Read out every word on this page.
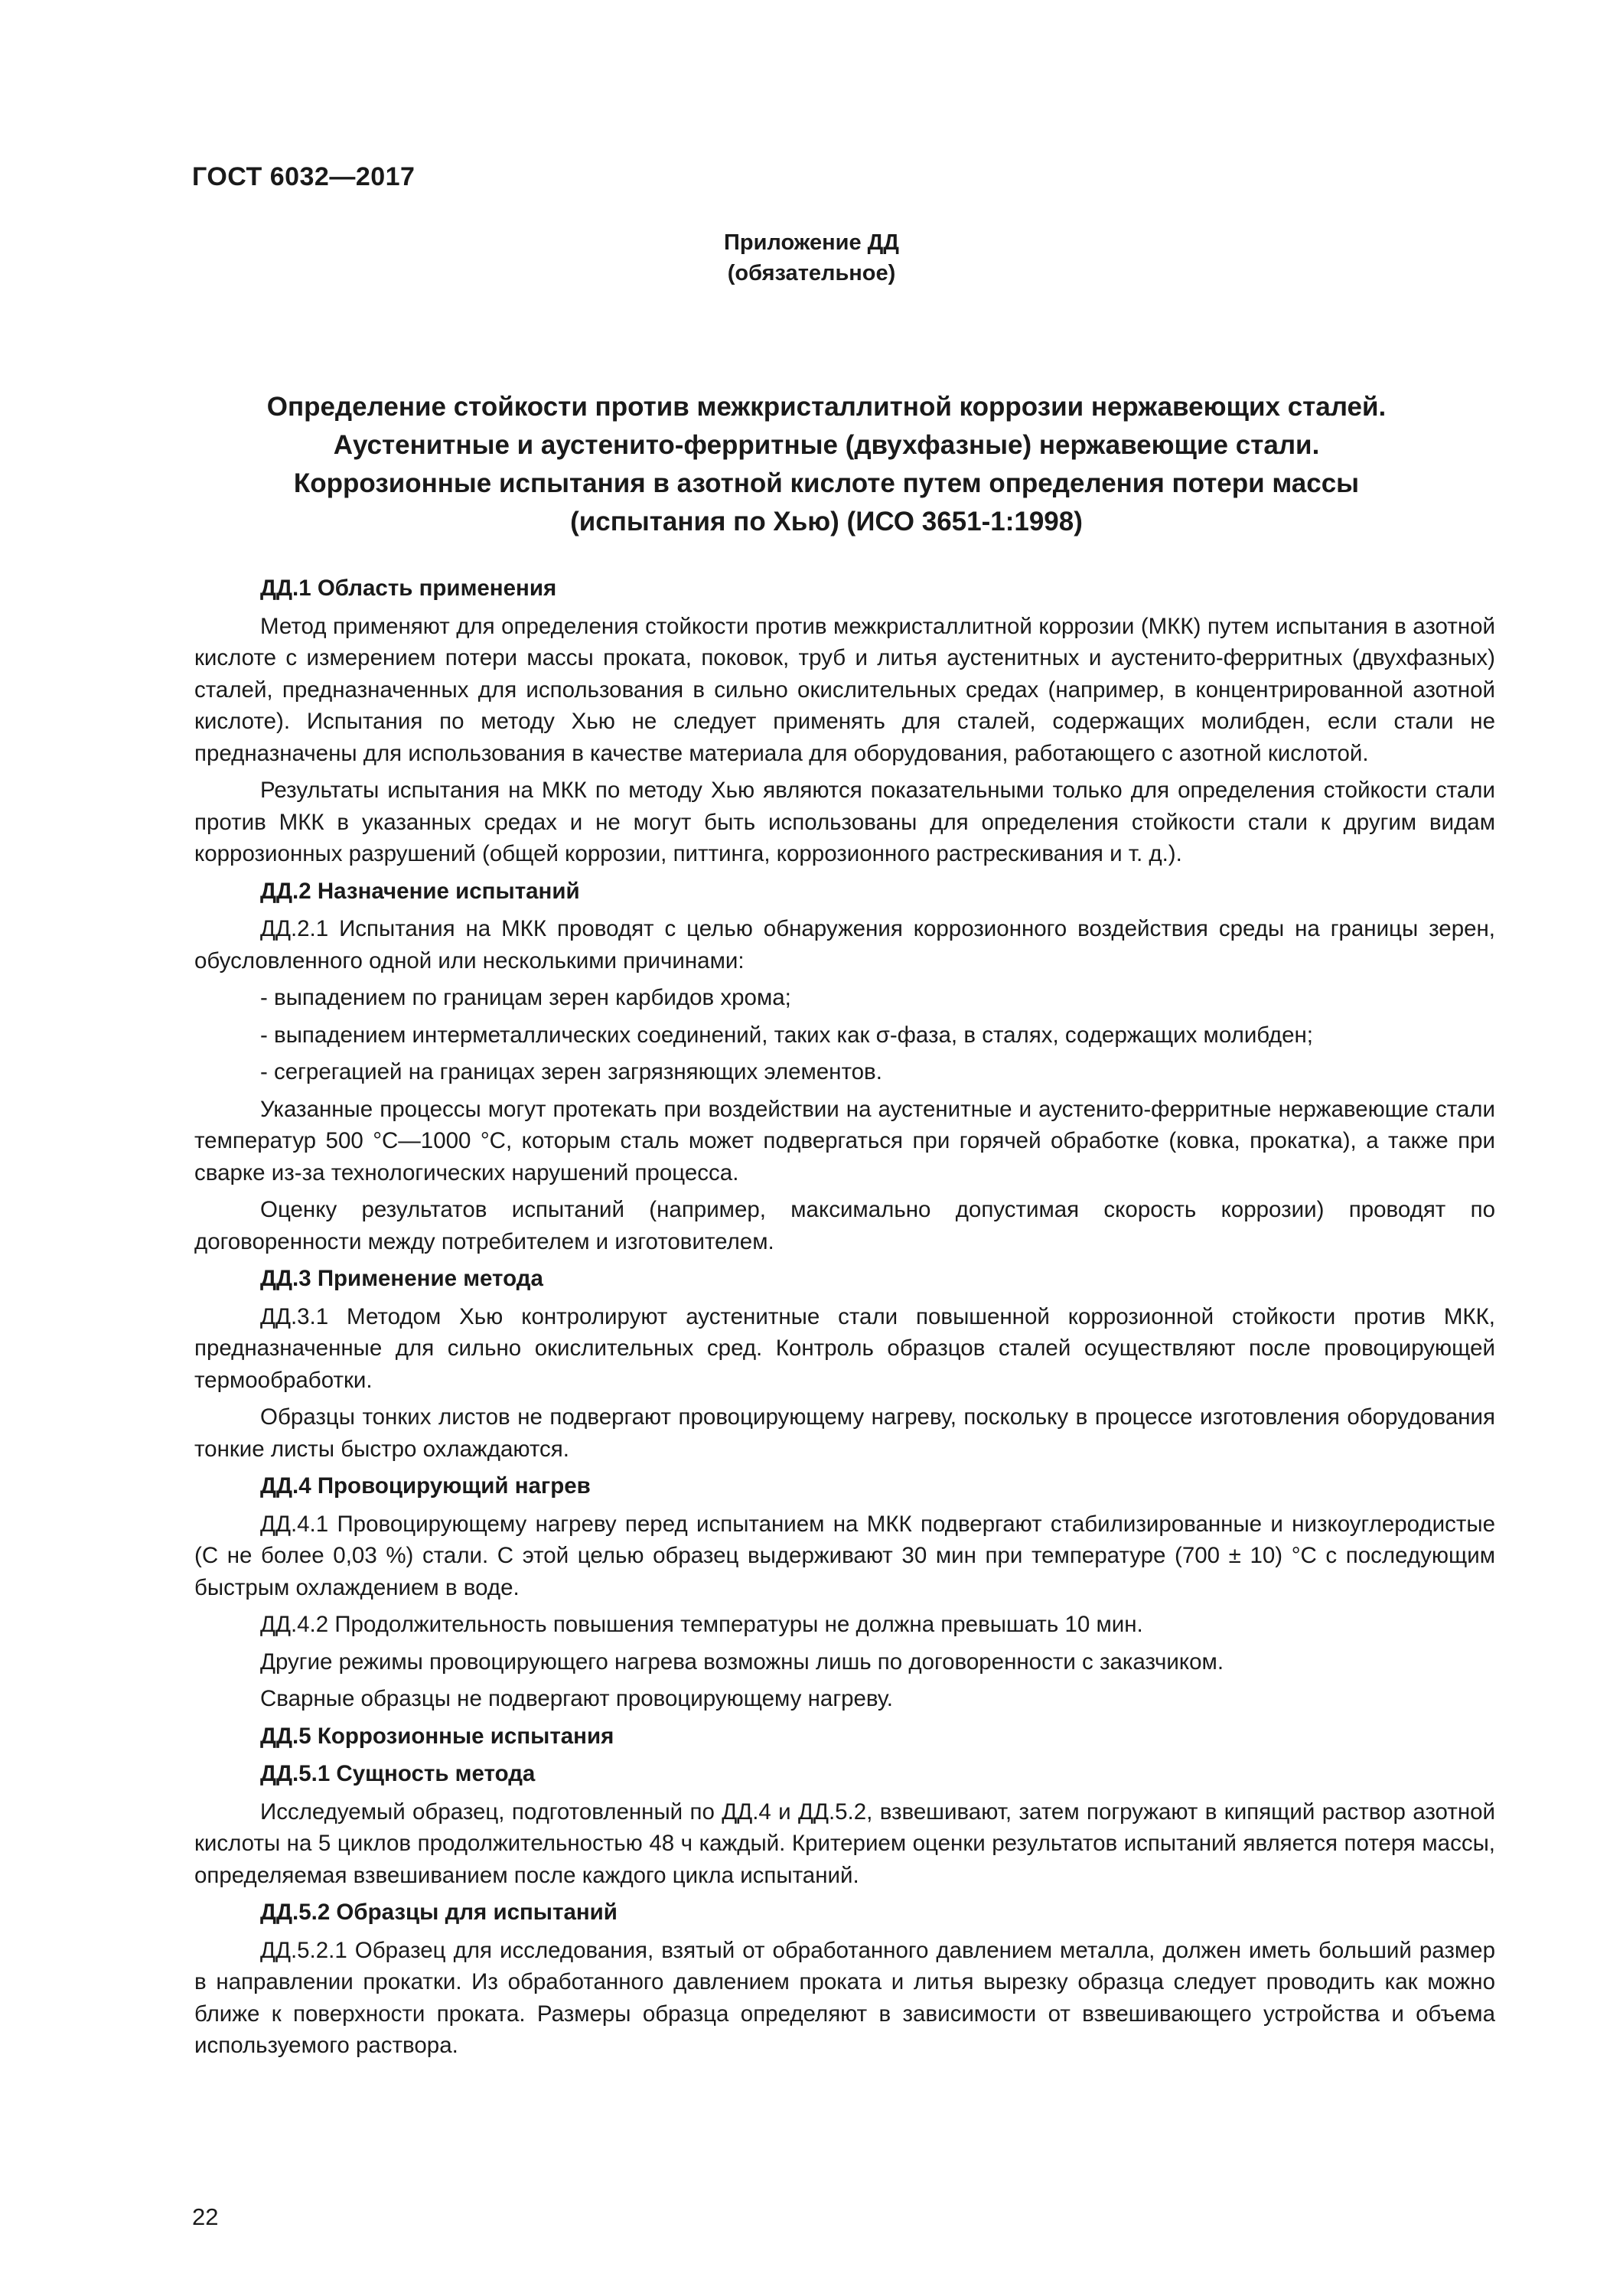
ГОСТ 6032—2017
Приложение ДД
(обязательное)
Определение стойкости против межкристаллитной коррозии нержавеющих сталей.
Аустенитные и аустенито-ферритные (двухфазные) нержавеющие стали.
Коррозионные испытания в азотной кислоте путем определения потери массы
(испытания по Хью) (ИСО 3651-1:1998)
ДД.1 Область применения

Метод применяют для определения стойкости против межкристаллитной коррозии (МКК) путем испытания в азотной кислоте с измерением потери массы проката, поковок, труб и литья аустенитных и аустенито-ферритных (двухфазных) сталей, предназначенных для использования в сильно окислительных средах (например, в концентрированной азотной кислоте). Испытания по методу Хью не следует применять для сталей, содержащих молибден, если стали не предназначены для использования в качестве материала для оборудования, работающего с азотной кислотой.

Результаты испытания на МКК по методу Хью являются показательными только для определения стойкости стали против МКК в указанных средах и не могут быть использованы для определения стойкости стали к другим видам коррозионных разрушений (общей коррозии, питтинга, коррозионного растрескивания и т. д.).

ДД.2 Назначение испытаний

ДД.2.1 Испытания на МКК проводят с целью обнаружения коррозионного воздействия среды на границы зерен, обусловленного одной или несколькими причинами:

- выпадением по границам зерен карбидов хрома;

- выпадением интерметаллических соединений, таких как σ-фаза, в сталях, содержащих молибден;

- сегрегацией на границах зерен загрязняющих элементов.

Указанные процессы могут протекать при воздействии на аустенитные и аустенито-ферритные нержавеющие стали температур 500 °С—1000 °С, которым сталь может подвергаться при горячей обработке (ковка, прокатка), а также при сварке из-за технологических нарушений процесса.

Оценку результатов испытаний (например, максимально допустимая скорость коррозии) проводят по договоренности между потребителем и изготовителем.

ДД.3 Применение метода

ДД.3.1 Методом Хью контролируют аустенитные стали повышенной коррозионной стойкости против МКК, предназначенные для сильно окислительных сред. Контроль образцов сталей осуществляют после провоцирующей термообработки.

Образцы тонких листов не подвергают провоцирующему нагреву, поскольку в процессе изготовления оборудования тонкие листы быстро охлаждаются.

ДД.4 Провоцирующий нагрев

ДД.4.1 Провоцирующему нагреву перед испытанием на МКК подвергают стабилизированные и низкоуглеродистые (С не более 0,03 %) стали. С этой целью образец выдерживают 30 мин при температуре (700 ± 10) °С с последующим быстрым охлаждением в воде.

ДД.4.2 Продолжительность повышения температуры не должна превышать 10 мин.

Другие режимы провоцирующего нагрева возможны лишь по договоренности с заказчиком.

Сварные образцы не подвергают провоцирующему нагреву.

ДД.5 Коррозионные испытания
ДД.5.1 Сущность метода

Исследуемый образец, подготовленный по ДД.4 и ДД.5.2, взвешивают, затем погружают в кипящий раствор азотной кислоты на 5 циклов продолжительностью 48 ч каждый. Критерием оценки результатов испытаний является потеря массы, определяемая взвешиванием после каждого цикла испытаний.

ДД.5.2 Образцы для испытаний

ДД.5.2.1 Образец для исследования, взятый от обработанного давлением металла, должен иметь больший размер в направлении прокатки. Из обработанного давлением проката и литья вырезку образца следует проводить как можно ближе к поверхности проката. Размеры образца определяют в зависимости от взвешивающего устройства и объема используемого раствора.

22
